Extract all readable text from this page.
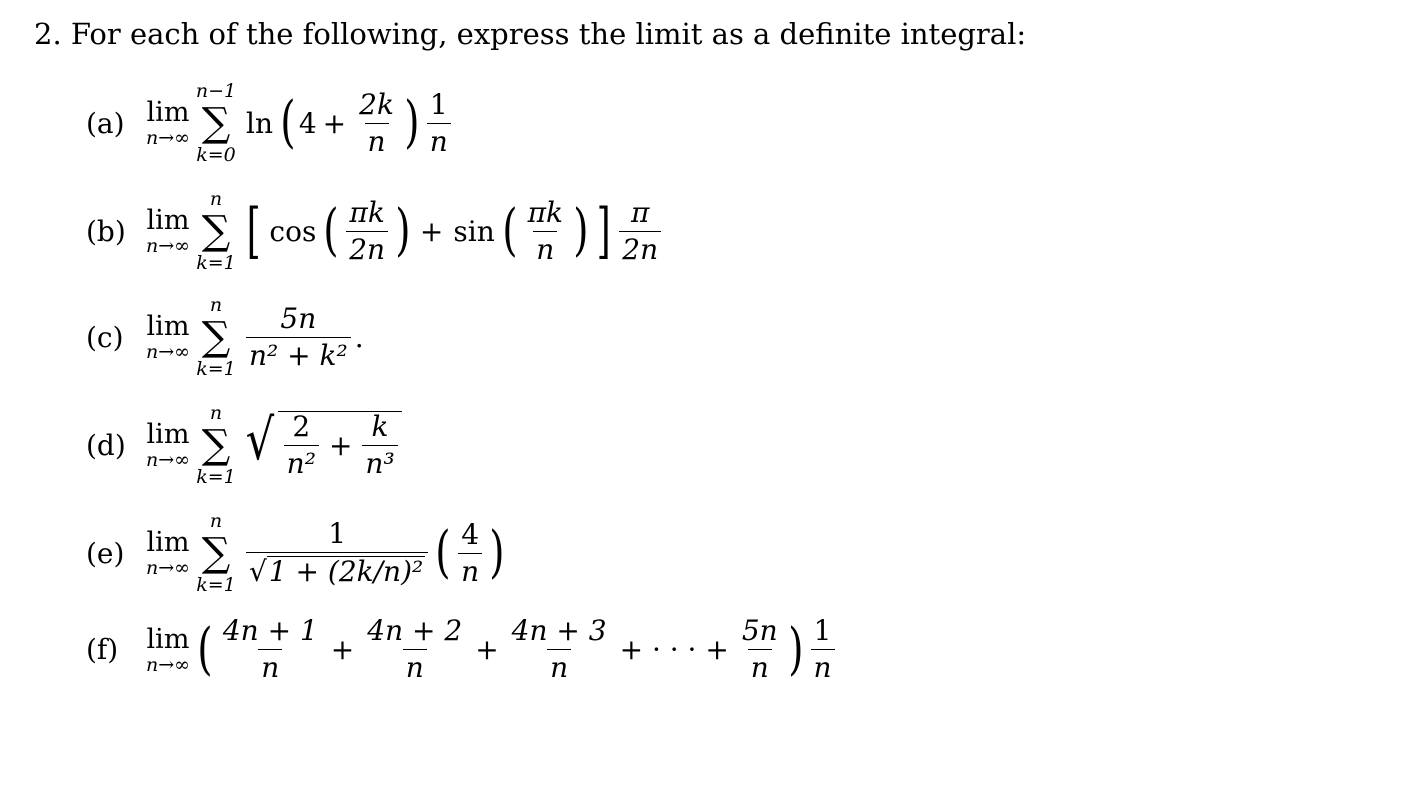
2. For each of the following, express the limit as a definite integral:
(a) lim
n→∞
n−1
∑
k=0
ln ( $4 + \frac{2k}{n}$ ) $\frac{1}{n}$
(b) lim
n→∞
n
∑
k=1 [ cos ( $\frac{\pi k}{2n}$ ) + sin ( $\frac{\pi k}{n}$ ) ] $\frac{\pi}{2n}$
(c) lim
n→∞
n
∑
$k=1 \frac{5n}{\text{n² + k²}}$ .
(d) lim
n→∞
n
∑
k=1
√ $\frac{2}{\text{n²}} + \frac{k}{\text{n³}}$
(e) lim
n→∞
n
∑
$k=1 \frac{1}{\text{√ 1 + (2k/n)²}}$ ( $\frac{4}{n}$ )
(f)	lim
n→∞ ( $\frac{4n + 1}{n} + \frac{4n + 2}{n} + \frac{4n + 3}{n}$ + · · · + $\frac{5n}{n}$ ) $\frac{1}{n}$
